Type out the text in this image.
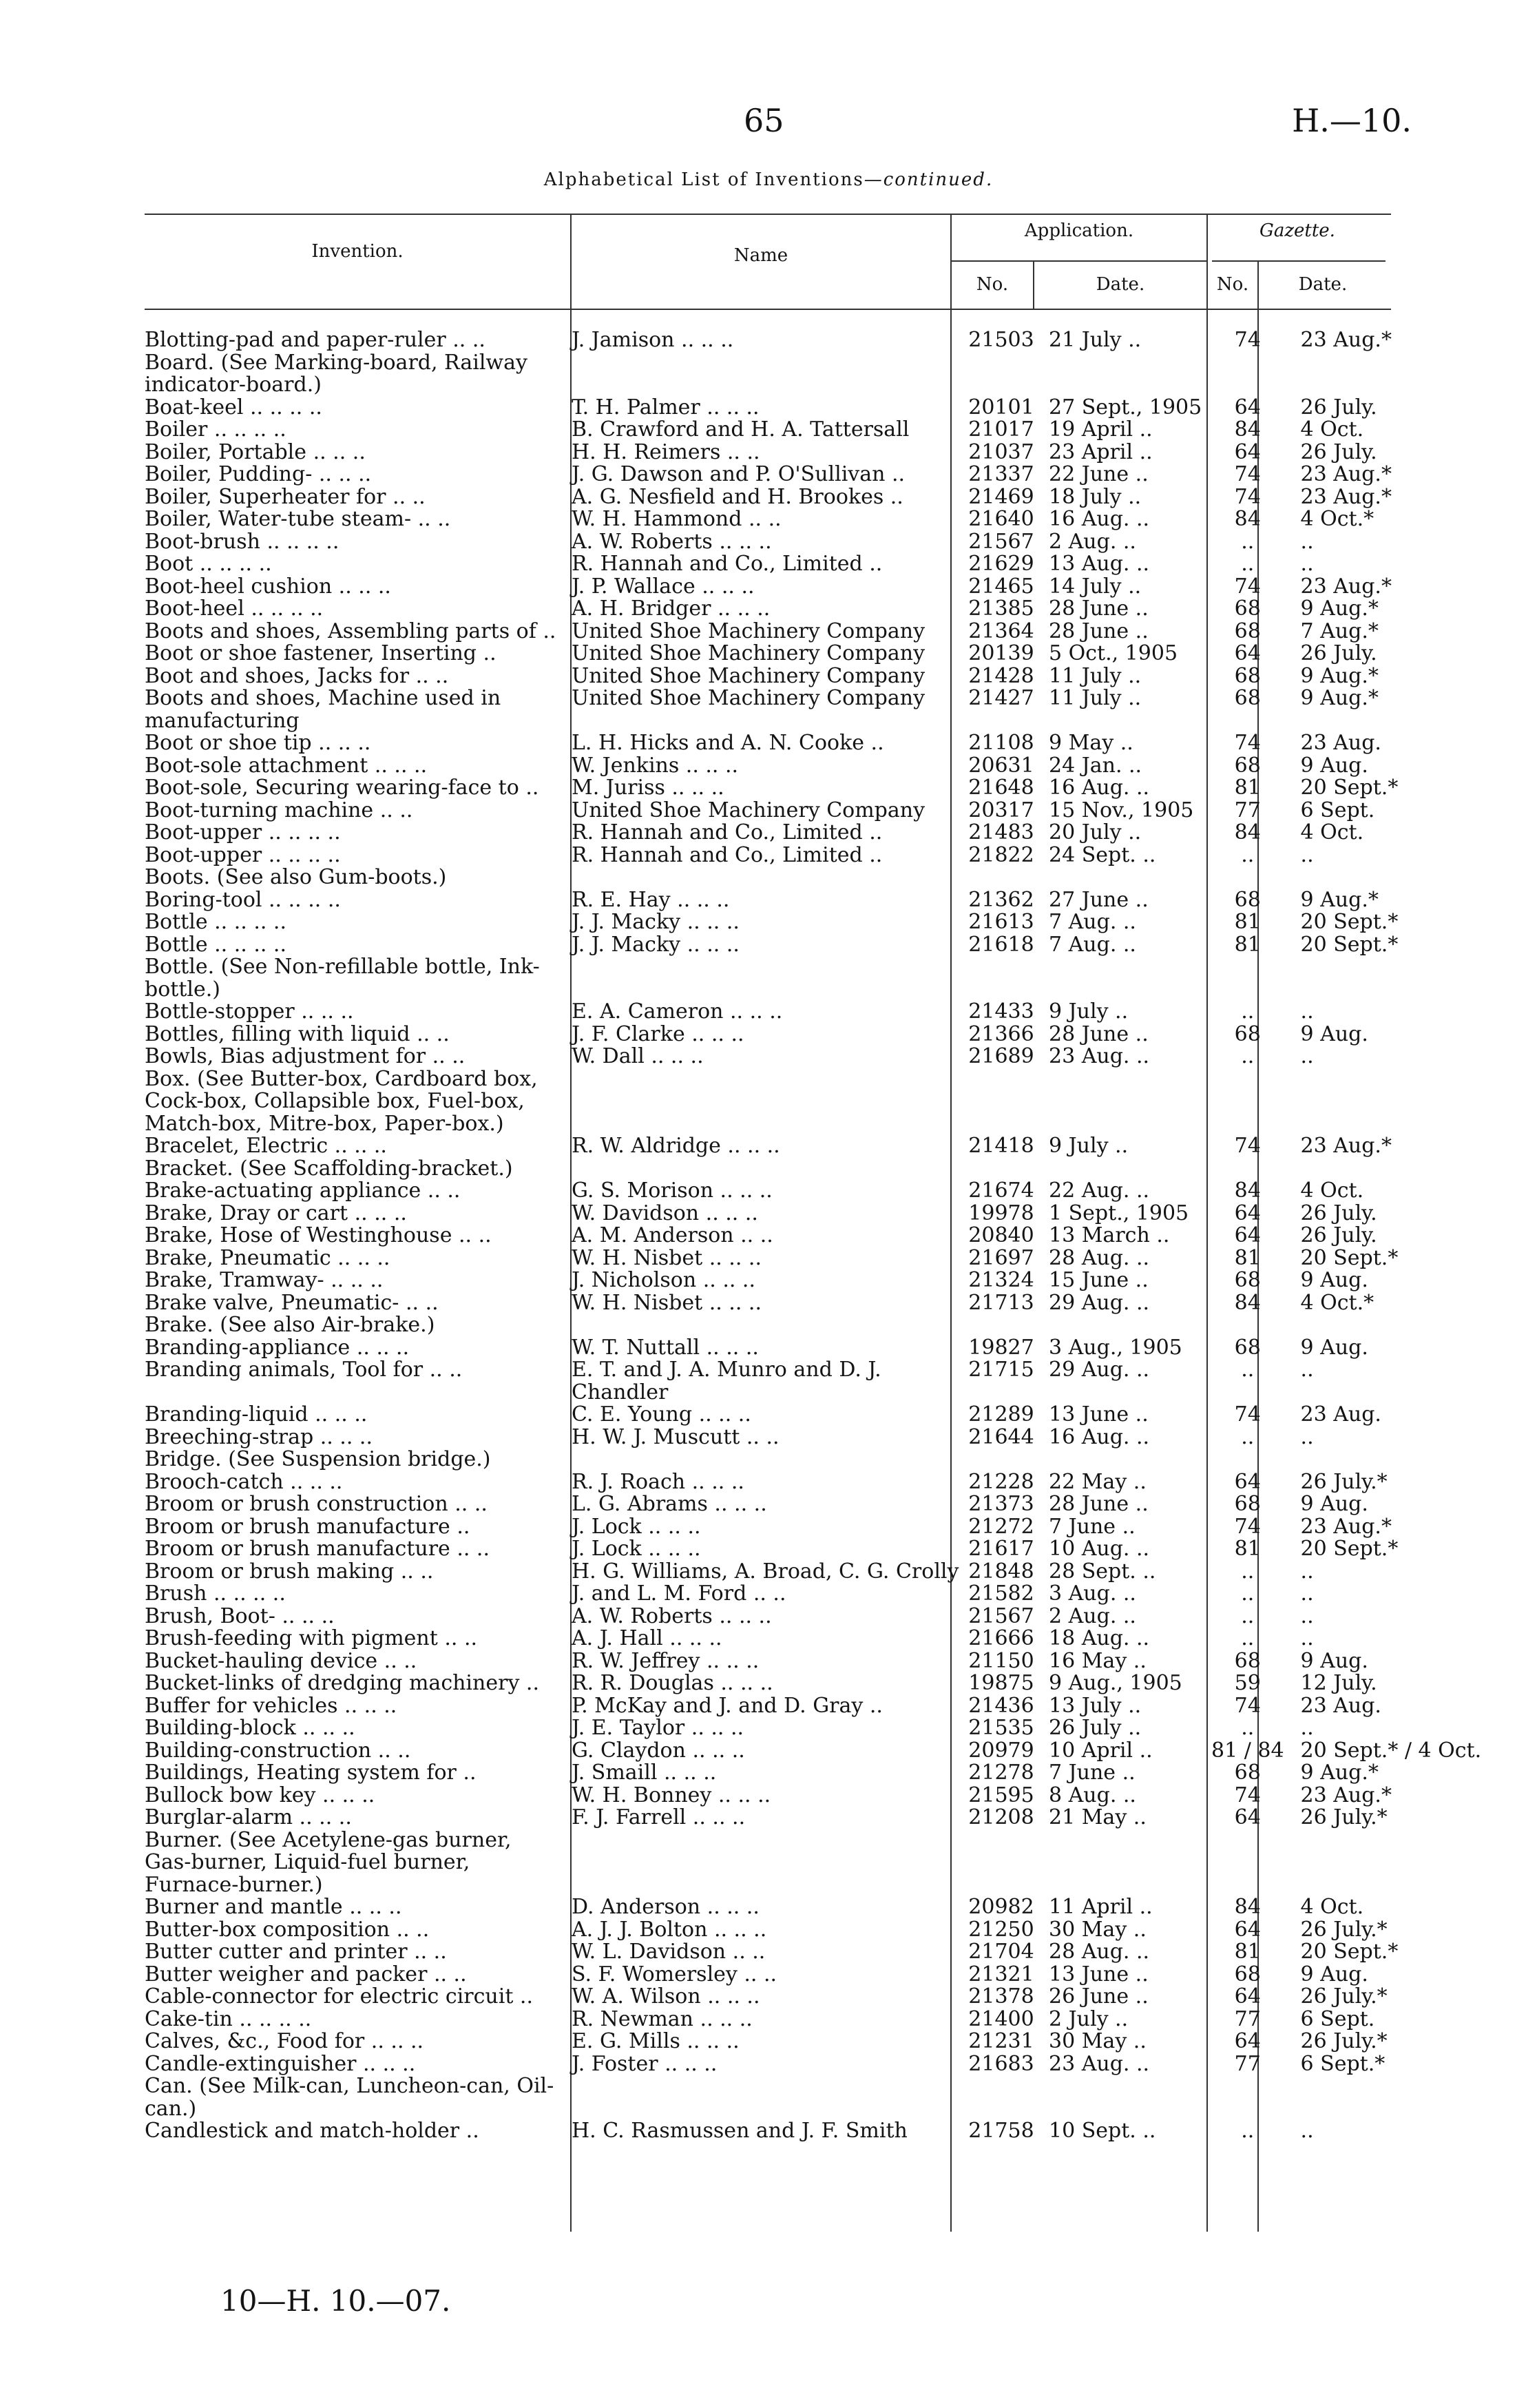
65	H.—10.
Alphabetical List of Inventions—continued.
Invention.	Name
Application.
No.	Date.
Gazette.
No.	Date.
Blotting-pad and paper-ruler .. ..	J. Jamison .. .. ..	21503	21 July ..	74	23 Aug.*
Board. (See Marking-board, Railway indicator-board.)					
Boat-keel .. .. .. ..	T. H. Palmer .. .. ..	20101	27 Sept., 1905	64	26 July.
Boiler .. .. .. ..	B. Crawford and H. A. Tattersall	21017	19 April ..	84	4 Oct.
Boiler, Portable .. .. ..	H. H. Reimers .. ..	21037	23 April ..	64	26 July.
Boiler, Pudding- .. .. ..	J. G. Dawson and P. O'Sullivan ..	21337	22 June ..	74	23 Aug.*
Boiler, Superheater for .. ..	A. G. Nesfield and H. Brookes ..	21469	18 July ..	74	23 Aug.*
Boiler, Water-tube steam- .. ..	W. H. Hammond .. ..	21640	16 Aug. ..	84	4 Oct.*
Boot-brush .. .. .. ..	A. W. Roberts .. .. ..	21567	2 Aug. ..	..	..
Boot .. .. .. ..	R. Hannah and Co., Limited ..	21629	13 Aug. ..	..	..
Boot-heel cushion .. .. ..	J. P. Wallace .. .. ..	21465	14 July ..	74	23 Aug.*
Boot-heel .. .. .. ..	A. H. Bridger .. .. ..	21385	28 June ..	68	9 Aug.*
Boots and shoes, Assembling parts of ..	United Shoe Machinery Company	21364	28 June ..	68	7 Aug.*
Boot or shoe fastener, Inserting ..	United Shoe Machinery Company	20139	5 Oct., 1905	64	26 July.
Boot and shoes, Jacks for .. ..	United Shoe Machinery Company	21428	11 July ..	68	9 Aug.*
Boots and shoes, Machine used in manufacturing	United Shoe Machinery Company	21427	11 July ..	68	9 Aug.*
Boot or shoe tip .. .. ..	L. H. Hicks and A. N. Cooke ..	21108	9 May ..	74	23 Aug.
Boot-sole attachment .. .. ..	W. Jenkins .. .. ..	20631	24 Jan. ..	68	9 Aug.
Boot-sole, Securing wearing-face to ..	M. Juriss .. .. ..	21648	16 Aug. ..	81	20 Sept.*
Boot-turning machine .. ..	United Shoe Machinery Company	20317	15 Nov., 1905	77	6 Sept.
Boot-upper .. .. .. ..	R. Hannah and Co., Limited ..	21483	20 July ..	84	4 Oct.
Boot-upper .. .. .. ..	R. Hannah and Co., Limited ..	21822	24 Sept. ..	..	..
Boots. (See also Gum-boots.)					
Boring-tool .. .. .. ..	R. E. Hay .. .. ..	21362	27 June ..	68	9 Aug.*
Bottle .. .. .. ..	J. J. Macky .. .. ..	21613	7 Aug. ..	81	20 Sept.*
Bottle .. .. .. ..	J. J. Macky .. .. ..	21618	7 Aug. ..	81	20 Sept.*
Bottle. (See Non-refillable bottle, Ink-bottle.)					
Bottle-stopper .. .. ..	E. A. Cameron .. .. ..	21433	9 July ..	..	..
Bottles, filling with liquid .. ..	J. F. Clarke .. .. ..	21366	28 June ..	68	9 Aug.
Bowls, Bias adjustment for .. ..	W. Dall .. .. ..	21689	23 Aug. ..	..	..
Box. (See Butter-box, Cardboard box, Cock-box, Collapsible box, Fuel-box, Match-box, Mitre-box, Paper-box.)					
Bracelet, Electric .. .. ..	R. W. Aldridge .. .. ..	21418	9 July ..	74	23 Aug.*
Bracket. (See Scaffolding-bracket.)					
Brake-actuating appliance .. ..	G. S. Morison .. .. ..	21674	22 Aug. ..	84	4 Oct.
Brake, Dray or cart .. .. ..	W. Davidson .. .. ..	19978	1 Sept., 1905	64	26 July.
Brake, Hose of Westinghouse .. ..	A. M. Anderson .. ..	20840	13 March ..	64	26 July.
Brake, Pneumatic .. .. ..	W. H. Nisbet .. .. ..	21697	28 Aug. ..	81	20 Sept.*
Brake, Tramway- .. .. ..	J. Nicholson .. .. ..	21324	15 June ..	68	9 Aug.
Brake valve, Pneumatic- .. ..	W. H. Nisbet .. .. ..	21713	29 Aug. ..	84	4 Oct.*
Brake. (See also Air-brake.)					
Branding-appliance .. .. ..	W. T. Nuttall .. .. ..	19827	3 Aug., 1905	68	9 Aug.
Branding animals, Tool for .. ..	E. T. and J. A. Munro and D. J. Chandler	21715	29 Aug. ..	..	..
Branding-liquid .. .. ..	C. E. Young .. .. ..	21289	13 June ..	74	23 Aug.
Breeching-strap .. .. ..	H. W. J. Muscutt .. ..	21644	16 Aug. ..	..	..
Bridge. (See Suspension bridge.)					
Brooch-catch .. .. ..	R. J. Roach .. .. ..	21228	22 May ..	64	26 July.*
Broom or brush construction .. ..	L. G. Abrams .. .. ..	21373	28 June ..	68	9 Aug.
Broom or brush manufacture ..	J. Lock .. .. ..	21272	7 June ..	74	23 Aug.*
Broom or brush manufacture .. ..	J. Lock .. .. ..	21617	10 Aug. ..	81	20 Sept.*
Broom or brush making .. ..	H. G. Williams, A. Broad, C. G. Crolly	21848	28 Sept. ..	..	..
Brush .. .. .. ..	J. and L. M. Ford .. ..	21582	3 Aug. ..	..	..
Brush, Boot- .. .. ..	A. W. Roberts .. .. ..	21567	2 Aug. ..	..	..
Brush-feeding with pigment .. ..	A. J. Hall .. .. ..	21666	18 Aug. ..	..	..
Bucket-hauling device .. ..	R. W. Jeffrey .. .. ..	21150	16 May ..	68	9 Aug.
Bucket-links of dredging machinery ..	R. R. Douglas .. .. ..	19875	9 Aug., 1905	59	12 July.
Buffer for vehicles .. .. ..	P. McKay and J. and D. Gray ..	21436	13 July ..	74	23 Aug.
Building-block .. .. ..	J. E. Taylor .. .. ..	21535	26 July ..	..	..
Building-construction .. ..	G. Claydon .. .. ..	20979	10 April ..	81 / 84	20 Sept.* / 4 Oct.
Buildings, Heating system for ..	J. Smaill .. .. ..	21278	7 June ..	68	9 Aug.*
Bullock bow key .. .. ..	W. H. Bonney .. .. ..	21595	8 Aug. ..	74	23 Aug.*
Burglar-alarm .. .. ..	F. J. Farrell .. .. ..	21208	21 May ..	64	26 July.*
Burner. (See Acetylene-gas burner, Gas-burner, Liquid-fuel burner, Furnace-burner.)					
Burner and mantle .. .. ..	D. Anderson .. .. ..	20982	11 April ..	84	4 Oct.
Butter-box composition .. ..	A. J. J. Bolton .. .. ..	21250	30 May ..	64	26 July.*
Butter cutter and printer .. ..	W. L. Davidson .. ..	21704	28 Aug. ..	81	20 Sept.*
Butter weigher and packer .. ..	S. F. Womersley .. ..	21321	13 June ..	68	9 Aug.
Cable-connector for electric circuit ..	W. A. Wilson .. .. ..	21378	26 June ..	64	26 July.*
Cake-tin .. .. .. ..	R. Newman .. .. ..	21400	2 July ..	77	6 Sept.
Calves, &c., Food for .. .. ..	E. G. Mills .. .. ..	21231	30 May ..	64	26 July.*
Candle-extinguisher .. .. ..	J. Foster .. .. ..	21683	23 Aug. ..	77	6 Sept.*
Can. (See Milk-can, Luncheon-can, Oil-can.)					
Candlestick and match-holder ..	H. C. Rasmussen and J. F. Smith	21758	10 Sept. ..	..	..
10—H. 10.—07.
